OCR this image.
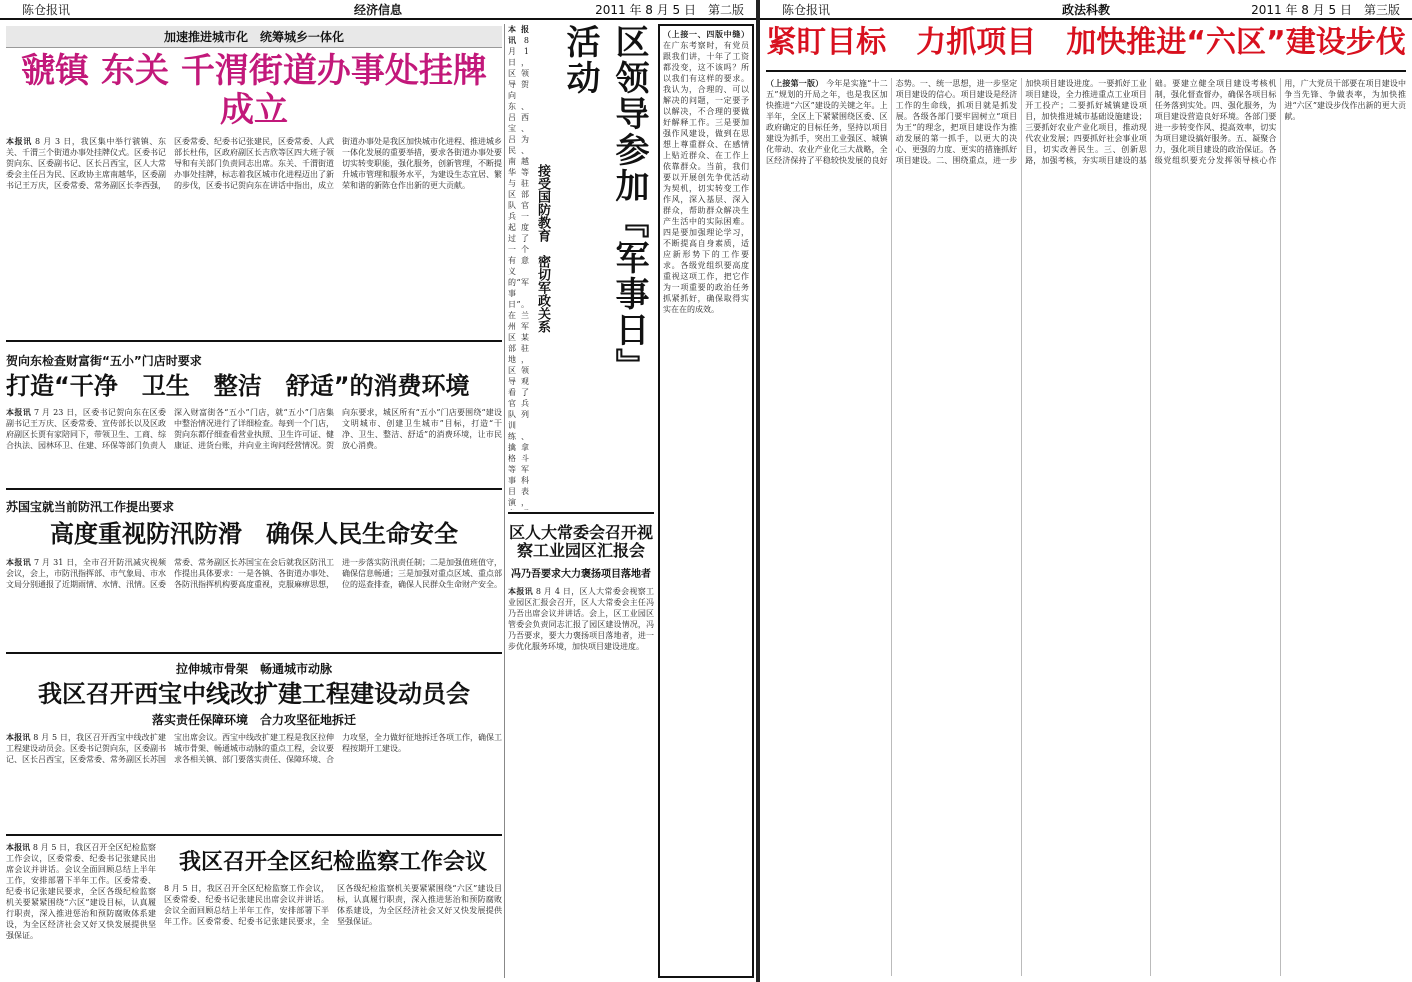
陈仓报讯	经济信息	2011 年 8 月 5 日　第二版
加速推进城市化　统筹城乡一体化
虢镇 东关 千渭街道办事处挂牌成立
本报讯 8 月 3 日，我区集中举行虢镇、东关、千渭三个街道办事处挂牌仪式。区委书记贺向东、区委副书记、区长吕西宝，区人大常委会主任吕为民、区政协主席南越华，区委副书记王万庆，区委常委、常务副区长李西强，区委常委、纪委书记张建民，区委常委、人武部长杜伟，区政府副区长吉欣等区四大班子领导和有关部门负责同志出席。东关、千渭街道办事处挂牌，标志着我区城市化进程迈出了新的步伐，区委书记贺向东在讲话中指出，成立街道办事处是我区加快城市化进程、推进城乡一体化发展的重要举措，要求各街道办事处要切实转变职能，强化服务，创新管理，不断提升城市管理和服务水平，为建设生态宜居、繁荣和谐的新陈仓作出新的更大贡献。
贺向东检查财富街“五小”门店时要求
打造“干净　卫生　整洁　舒适”的消费环境
本报讯 7 月 23 日，区委书记贺向东在区委副书记王万庆、区委常委、宣传部长以及区政府副区长贾有家陪同下，带领卫生、工商、综合执法、园林环卫、住建、环保等部门负责人深入财富街各“五小”门店，就“五小”门店集中整治情况进行了详细检查。每到一个门店，贺向东都仔细查看营业执照、卫生许可证、健康证、进货台账，并向业主询问经营情况。贺向东要求，城区所有“五小”门店要围绕“建设文明城市、创建卫生城市”目标，打造“干净、卫生、整洁、舒适”的消费环境，让市民放心消费。
苏国宝就当前防汛工作提出要求
高度重视防汛防滑　确保人民生命安全
本报讯 7 月 31 日，全市召开防汛减灾视频会议，会上，市防汛指挥部、市气象局、市水文局分别通报了近期雨情、水情、汛情。区委常委、常务副区长苏国宝在会后就我区防汛工作提出具体要求：一是各镇、各街道办事处、各防汛指挥机构要高度重视，克服麻痹思想，进一步落实防汛责任制；二是加强值班值守，确保信息畅通；三是加强对重点区域、重点部位的巡查排查，确保人民群众生命财产安全。
拉伸城市骨架　畅通城市动脉
我区召开西宝中线改扩建工程建设动员会
落实责任保障环境　合力攻坚征地拆迁
本报讯 8 月 5 日，我区召开西宝中线改扩建工程建设动员会。区委书记贺向东，区委副书记、区长吕西宝，区委常委、常务副区长苏国宝出席会议。西宝中线改扩建工程是我区拉伸城市骨架、畅通城市动脉的重点工程，会议要求各相关镇、部门要落实责任、保障环境、合力攻坚，全力做好征地拆迁各项工作，确保工程按期开工建设。
本报讯 8 月 5 日，我区召开全区纪检监察工作会议，区委常委、纪委书记张建民出席会议并讲话。会议全面回顾总结上半年工作，安排部署下半年工作。区委常委、纪委书记张建民要求，全区各级纪检监察机关要紧紧围绕“六区”建设目标，认真履行职责，深入推进惩治和预防腐败体系建设，为全区经济社会又好又快发展提供坚强保证。
我区召开全区纪检监察工作会议
8 月 5 日，我区召开全区纪检监察工作会议，区委常委、纪委书记张建民出席会议并讲话。会议全面回顾总结上半年工作，安排部署下半年工作。区委常委、纪委书记张建民要求，全区各级纪检监察机关要紧紧围绕“六区”建设目标，认真履行职责，深入推进惩治和预防腐败体系建设，为全区经济社会又好又快发展提供坚强保证。
区领导参加『军事日』活动
接受国防教育　密切军政关系
本报讯 8 月 1 日，区领导贺向东、吕西宝、吕为民、南越华等与驻区部队官兵一起度过了一个有意义的“军事日”。在兰州军区某部驻地，区领导观看了官兵队列训练、擒拿格斗等军事科目表演，
区人大常委会召开视察工业园区汇报会
冯乃吾要求大力褒扬项目落地者
本报讯 8 月 4 日，区人大常委会视察工业园区汇报会召开，区人大常委会主任冯乃吾出席会议并讲话。会上，区工业园区管委会负责同志汇报了园区建设情况，冯乃吾要求，要大力褒扬项目落地者，进一步优化服务环境，加快项目建设进度。
（上接一、四版中缝）在广东考察时，有党员跟我们讲，十年了工资都没变，这不该吗？所以我们有这样的要求。我认为，合理的、可以解决的问题，一定要予以解决，不合理的要做好解释工作。三是要加强作风建设，做到在思想上尊重群众、在感情上贴近群众、在工作上依靠群众。当前，我们要以开展创先争优活动为契机，切实转变工作作风，深入基层、深入群众，帮助群众解决生产生活中的实际困难。四是要加强理论学习，不断提高自身素质，适应新形势下的工作要求。各级党组织要高度重视这项工作，把它作为一项重要的政治任务抓紧抓好，确保取得实实在在的成效。
陈仓报讯	政法科教	2011 年 8 月 5 日　第三版
紧盯目标　力抓项目　加快推进“六区”建设步伐
（上接第一版） 今年是实施“十二五”规划的开局之年，也是我区加快推进“六区”建设的关键之年。上半年，全区上下紧紧围绕区委、区政府确定的目标任务，坚持以项目建设为抓手，突出工业强区、城镇化带动、农业产业化三大战略，全区经济保持了平稳较快发展的良好态势。一、统一思想，进一步坚定项目建设的信心。项目建设是经济工作的生命线，抓项目就是抓发展。各级各部门要牢固树立“项目为王”的理念，把项目建设作为推动发展的第一抓手，以更大的决心、更强的力度、更实的措施抓好项目建设。二、围绕重点，进一步加快项目建设进度。一要抓好工业项目建设，全力推进重点工业项目开工投产；二要抓好城镇建设项目，加快推进城市基础设施建设；三要抓好农业产业化项目，推动现代农业发展；四要抓好社会事业项目，切实改善民生。三、创新思路，加强考核，夯实项目建设的基础。要建立健全项目建设考核机制，强化督查督办，确保各项目标任务落到实处。四、强化服务，为项目建设营造良好环境。各部门要进一步转变作风、提高效率，切实为项目建设搞好服务。五、凝聚合力，强化项目建设的政治保证。各级党组织要充分发挥领导核心作用，广大党员干部要在项目建设中争当先锋、争做表率，为加快推进“六区”建设步伐作出新的更大贡献。
